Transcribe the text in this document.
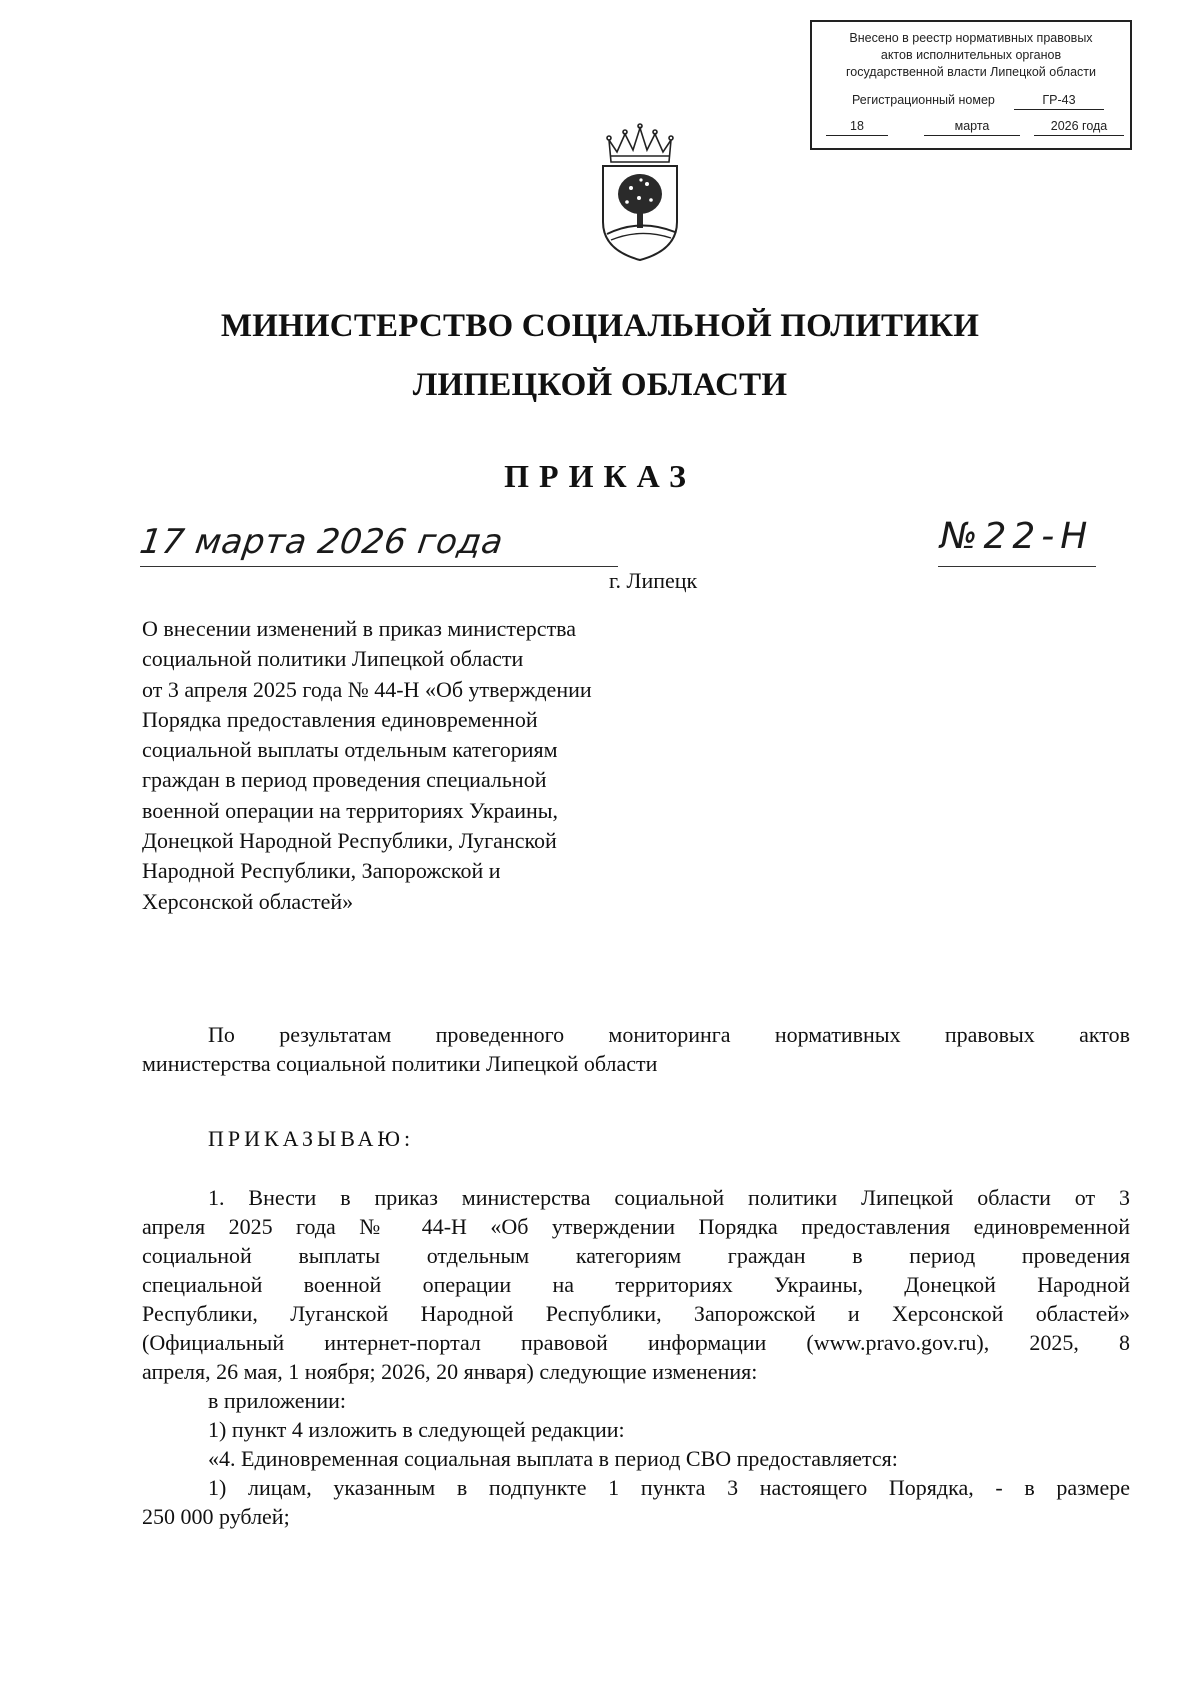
Внесено в реестр нормативных правовых
актов исполнительных органов
государственной власти Липецкой области
Регистрационный номер	ГР-43
18	марта	2026 года
МИНИСТЕРСТВО СОЦИАЛЬНОЙ ПОЛИТИКИ
ЛИПЕЦКОЙ ОБЛАСТИ
ПРИКАЗ
17 марта 2026 года	№22-Н
г. Липецк
О внесении изменений в приказ министерства
социальной политики Липецкой области
от 3 апреля 2025 года № 44-Н «Об утверждении
Порядка предоставления единовременной
социальной выплаты отдельным категориям
граждан в период проведения специальной
военной операции на территориях Украины,
Донецкой Народной Республики, Луганской
Народной Республики, Запорожской и
Херсонской областей»
По результатам проведенного мониторинга нормативных правовых актов
министерства социальной политики Липецкой области
ПРИКАЗЫВАЮ:
1. Внести в приказ министерства социальной политики Липецкой области от 3
апреля 2025 года № 44-Н «Об утверждении Порядка предоставления единовременной
социальной выплаты отдельным категориям граждан в период проведения
специальной военной операции на территориях Украины, Донецкой Народной
Республики, Луганской Народной Республики, Запорожской и Херсонской областей»
(Официальный интернет-портал правовой информации (www.pravo.gov.ru), 2025, 8
апреля, 26 мая, 1 ноября; 2026, 20 января) следующие изменения:
в приложении:
1) пункт 4 изложить в следующей редакции:
«4. Единовременная социальная выплата в период СВО предоставляется:
1) лицам, указанным в подпункте 1 пункта 3 настоящего Порядка, - в размере
250 000 рублей;
